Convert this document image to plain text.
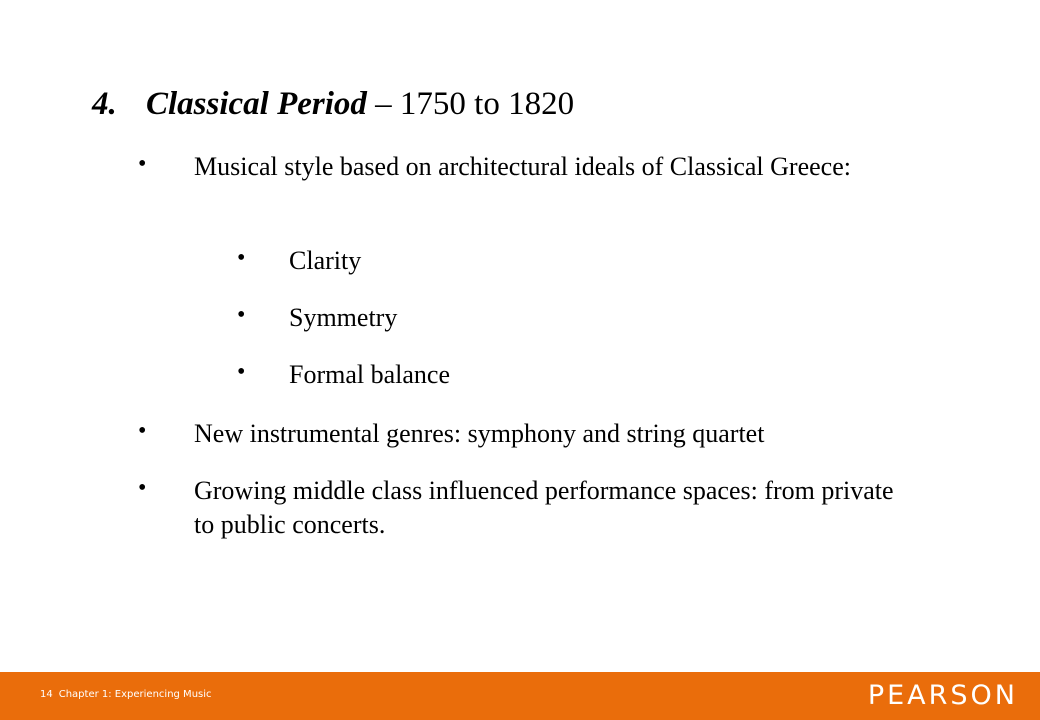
4. Classical Period – 1750 to 1820
• Musical style based on architectural ideals of Classical Greece:
• Clarity
• Symmetry
• Formal balance
• New instrumental genres: symphony and string quartet
• Growing middle class influenced performance spaces: from private to public concerts.
14 Chapter 1: Experiencing Music	PEARSON
